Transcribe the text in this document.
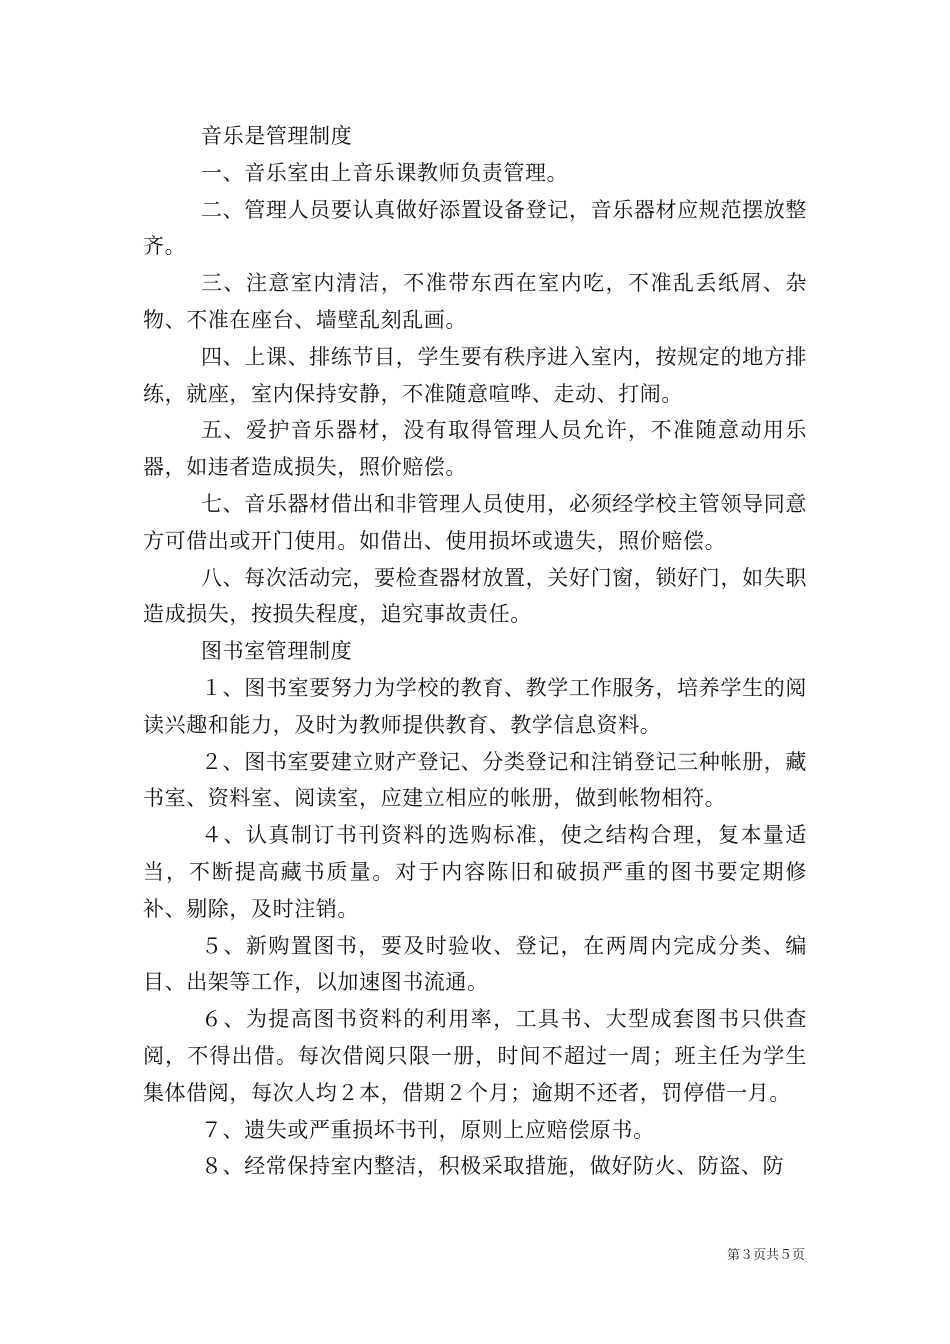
音乐是管理制度

一、音乐室由上音乐课教师负责管理。

二、管理人员要认真做好添置设备登记，音乐器材应规范摆放整齐。

三、注意室内清洁，不准带东西在室内吃，不准乱丢纸屑、杂物、不准在座台、墙壁乱刻乱画。

四、上课、排练节目，学生要有秩序进入室内，按规定的地方排练，就座，室内保持安静，不准随意喧哗、走动、打闹。

五、爱护音乐器材，没有取得管理人员允许，不准随意动用乐器，如违者造成损失，照价赔偿。

七、音乐器材借出和非管理人员使用，必须经学校主管领导同意方可借出或开门使用。如借出、使用损坏或遗失，照价赔偿。

八、每次活动完，要检查器材放置，关好门窗，锁好门，如失职造成损失，按损失程度，追究事故责任。

图书室管理制度

１、图书室要努力为学校的教育、教学工作服务，培养学生的阅读兴趣和能力，及时为教师提供教育、教学信息资料。

２、图书室要建立财产登记、分类登记和注销登记三种帐册，藏书室、资料室、阅读室，应建立相应的帐册，做到帐物相符。

４、认真制订书刊资料的选购标准，使之结构合理，复本量适当，不断提高藏书质量。对于内容陈旧和破损严重的图书要定期修补、剔除，及时注销。

５、新购置图书，要及时验收、登记，在两周内完成分类、编目、出架等工作，以加速图书流通。

６、为提高图书资料的利用率，工具书、大型成套图书只供查阅，不得出借。每次借阅只限一册，时间不超过一周；班主任为学生集体借阅，每次人均２本，借期２个月；逾期不还者，罚停借一月。

７、遗失或严重损坏书刊，原则上应赔偿原书。

８、经常保持室内整洁，积极采取措施，做好防火、防盗、防

第３页共５页
